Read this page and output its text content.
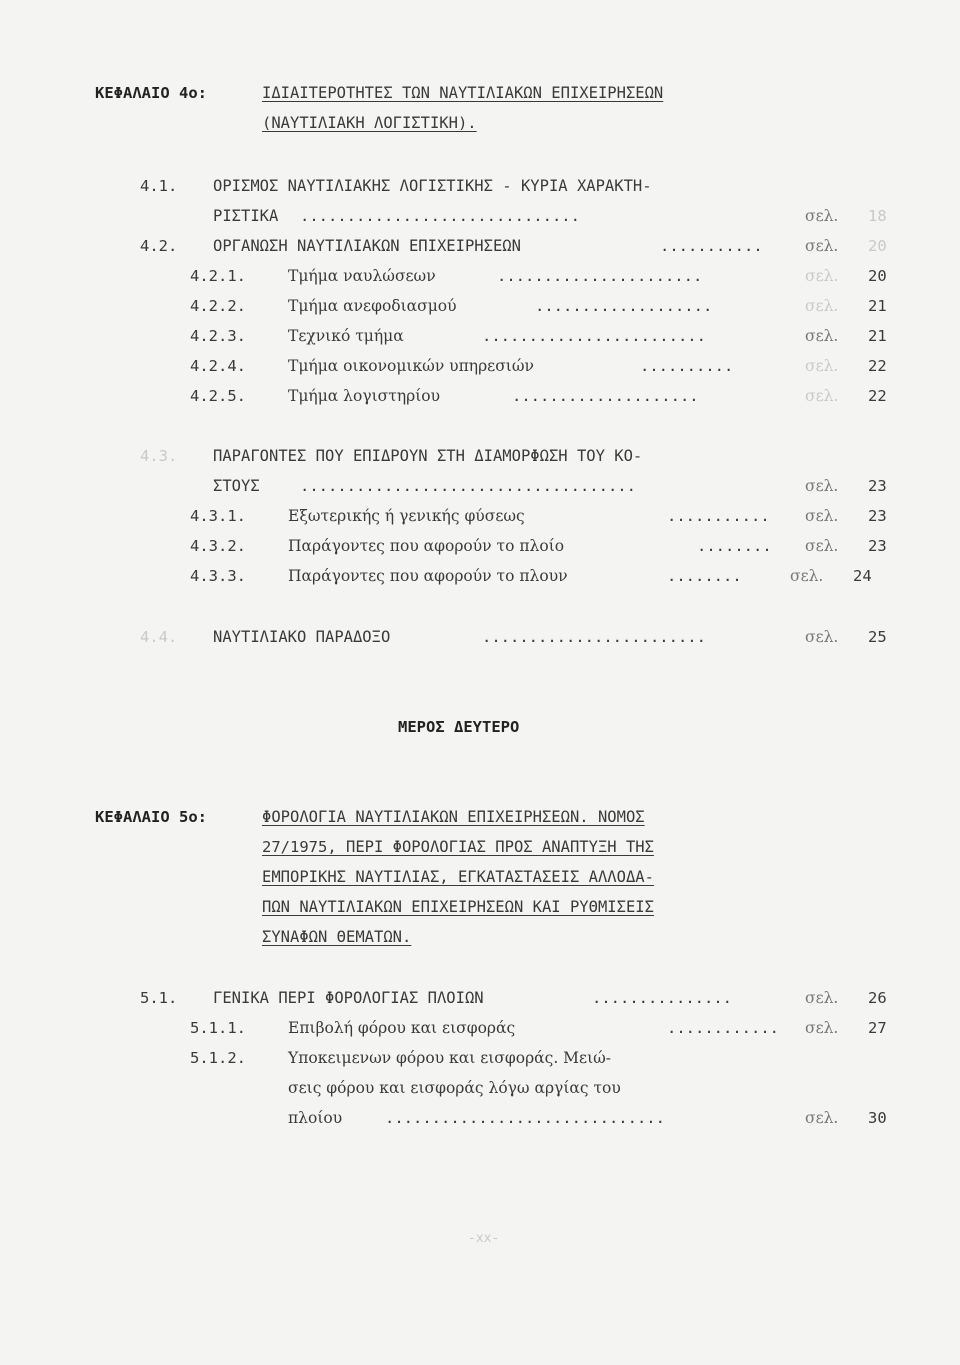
ΚΕΦΑΛΑΙΟ 4ο:	ΙΔΙΑΙΤΕΡΟΤΗΤΕΣ ΤΩΝ ΝΑΥΤΙΛΙΑΚΩΝ ΕΠΙΧΕΙΡΗΣΕΩΝ
(ΝΑΥΤΙΛΙΑΚΗ ΛΟΓΙΣΤΙΚΗ).
4.1. ΟΡΙΣΜΟΣ ΝΑΥΤΙΛΙΑΚΗΣ ΛΟΓΙΣΤΙΚΗΣ - ΚΥΡΙΑ ΧΑΡΑΚΤΗ-
ΡΙΣΤΙΚΑ ..............................	σελ. 18
4.2. ΟΡΓΑΝΩΣΗ ΝΑΥΤΙΛΙΑΚΩΝ ΕΠΙΧΕΙΡΗΣΕΩΝ	...........	σελ. 20
4.2.1.	Τμήμα ναυλώσεων	......................	σελ. 20
4.2.2.	Τμήμα ανεφοδιασμού	...................	σελ. 21
4.2.3.	Τεχνικό τμήμα	........................	σελ. 21
4.2.4.	Τμήμα οικονομικών υπηρεσιών	..........	σελ. 22
4.2.5.	Τμήμα λογιστηρίου	....................	σελ. 22
4.3. ΠΑΡΑΓΟΝΤΕΣ ΠΟΥ ΕΠΙΔΡΟΥΝ ΣΤΗ ΔΙΑΜΟΡΦΩΣΗ ΤΟΥ ΚΟ-
ΣΤΟΥΣ	....................................	σελ. 23
4.3.1.	Εξωτερικής ή γενικής φύσεως	........... σελ. 23
4.3.2.	Παράγοντες που αφορούν το πλοίο	........ σελ. 23
4.3.3.	Παράγοντες που αφορούν το πλουν	........	σελ. 24
4.4. ΝΑΥΤΙΛΙΑΚΟ ΠΑΡΑΔΟΞΟ	........................	σελ. 25
ΜΕΡΟΣ ΔΕΥΤΕΡΟ
ΚΕΦΑΛΑΙΟ 5ο:	ΦΟΡΟΛΟΓΙΑ ΝΑΥΤΙΛΙΑΚΩΝ ΕΠΙΧΕΙΡΗΣΕΩΝ. ΝΟΜΟΣ
27/1975, ΠΕΡΙ ΦΟΡΟΛΟΓΙΑΣ ΠΡΟΣ ΑΝΑΠΤΥΞΗ ΤΗΣ
ΕΜΠΟΡΙΚΗΣ ΝΑΥΤΙΛΙΑΣ, ΕΓΚΑΤΑΣΤΑΣΕΙΣ ΑΛΛΟΔΑ-
ΠΩΝ ΝΑΥΤΙΛΙΑΚΩΝ ΕΠΙΧΕΙΡΗΣΕΩΝ ΚΑΙ ΡΥΘΜΙΣΕΙΣ
ΣΥΝΑΦΩΝ ΘΕΜΑΤΩΝ.
5.1. ΓΕΝΙΚΑ ΠΕΡΙ ΦΟΡΟΛΟΓΙΑΣ ΠΛΟΙΩΝ	...............	σελ. 26
5.1.1.	Επιβολή φόρου και εισφοράς	............ σελ. 27
5.1.2.	Υποκειμενων φόρου και εισφοράς. Μειώ-
σεις φόρου και εισφοράς λόγω αργίας του
πλοίου	..............................	σελ. 30
-xx-
